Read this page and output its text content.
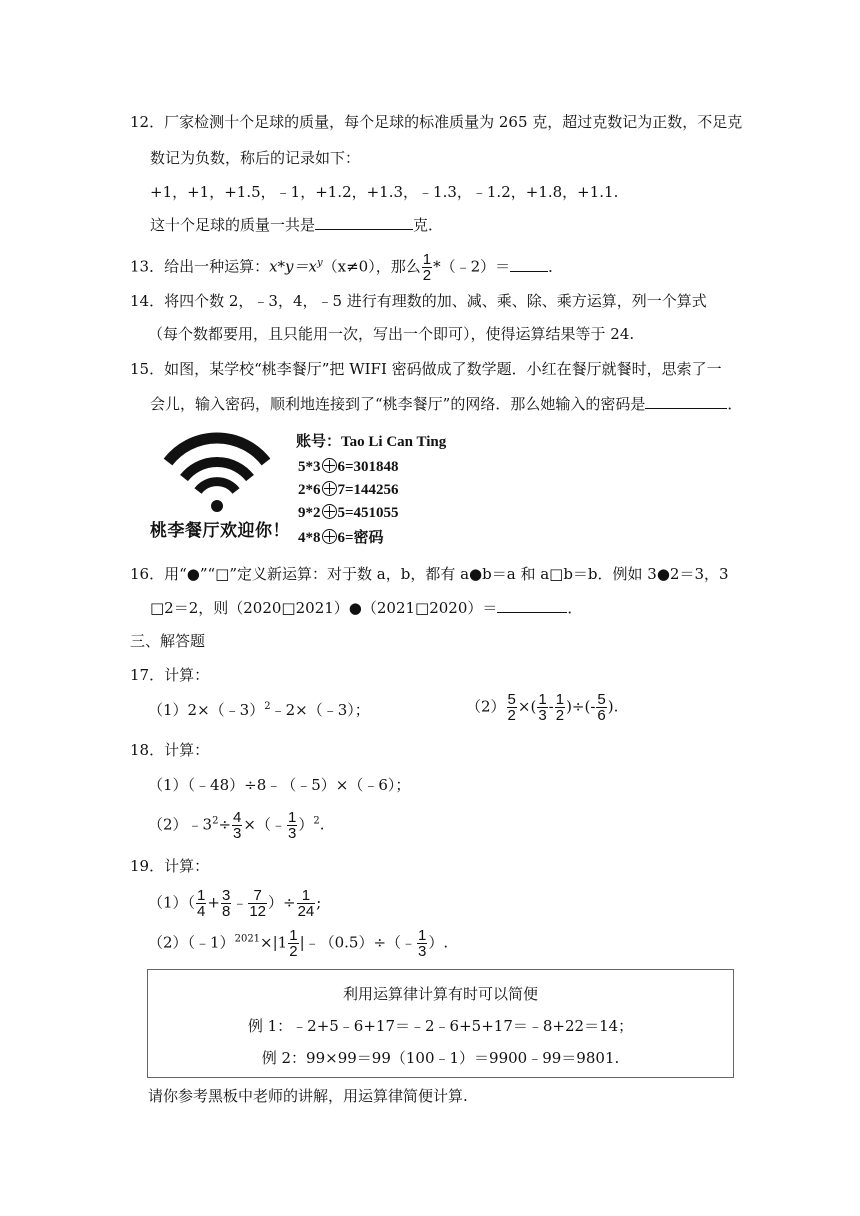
12．厂家检测十个足球的质量，每个足球的标准质量为 265 克，超过克数记为正数，不足克
数记为负数，称后的记录如下：
+1，+1，+1.5，﹣1，+1.2，+1.3，﹣1.3，﹣1.2，+1.8，+1.1.
这十个足球的质量一共是	克．
13．给出一种运算：$x*y=x^y(x\ne 0)$，那么 $\frac{1}{2}$ *（﹣2）＝	．
14．将四个数 2，﹣3，4，﹣5 进行有理数的加、减、乘、除、乘方运算，列一个算式
（每个数都要用，且只能用一次，写出一个即可），使得运算结果等于 24.
15．如图，某学校“桃李餐厅”把 WIFI 密码做成了数学题．小红在餐厅就餐时，思索了一
会儿，输入密码，顺利地连接到了“桃李餐厅”的网络．那么她输入的密码是	．
桃李餐厅欢迎你！
账号：Tao Li Can Ting
5*3 6=301848
2*6 7=144256
9*2 5=451055
4*8 6=密码
16．用“●”“□”定义新运算：对于数 a，b，都有 a●b＝a 和 a□b＝b．例如 3●2＝3，3
□2＝2，则（2020□2021）●（2021□2020）＝	．
三、解答题
17．计算：
（1）2×（﹣3）$^2$﹣2×（﹣3）；	$(2) \frac{5}{2}$ ×( $\frac{1}{3} - \frac{1}{2}$ )÷(- $\frac{5}{6}$ ).
18．计算：
（1）（﹣48）÷8﹣（﹣5）×（﹣6）；
$(2)﹣3^2\div \frac{4}{3}$ ×（﹣ $\frac{1}{3} )^2$.
19．计算：
$(1)( \frac{1}{4} + \frac{3}{8}$ ﹣ $\frac{7}{12}$ ）÷ $\frac{1}{24}$ ;
（2）（﹣1）$^{2021}$×|1 $\frac{1}{2}$ |﹣（0.5）÷（﹣ $\frac{1}{3}$ ）.
利用运算律计算有时可以简便
例 1：﹣2+5﹣6+17＝﹣2﹣6+5+17＝﹣8+22＝14；
例 2：99×99＝99（100﹣1）＝9900﹣99＝9801.
请你参考黑板中老师的讲解，用运算律简便计算.
